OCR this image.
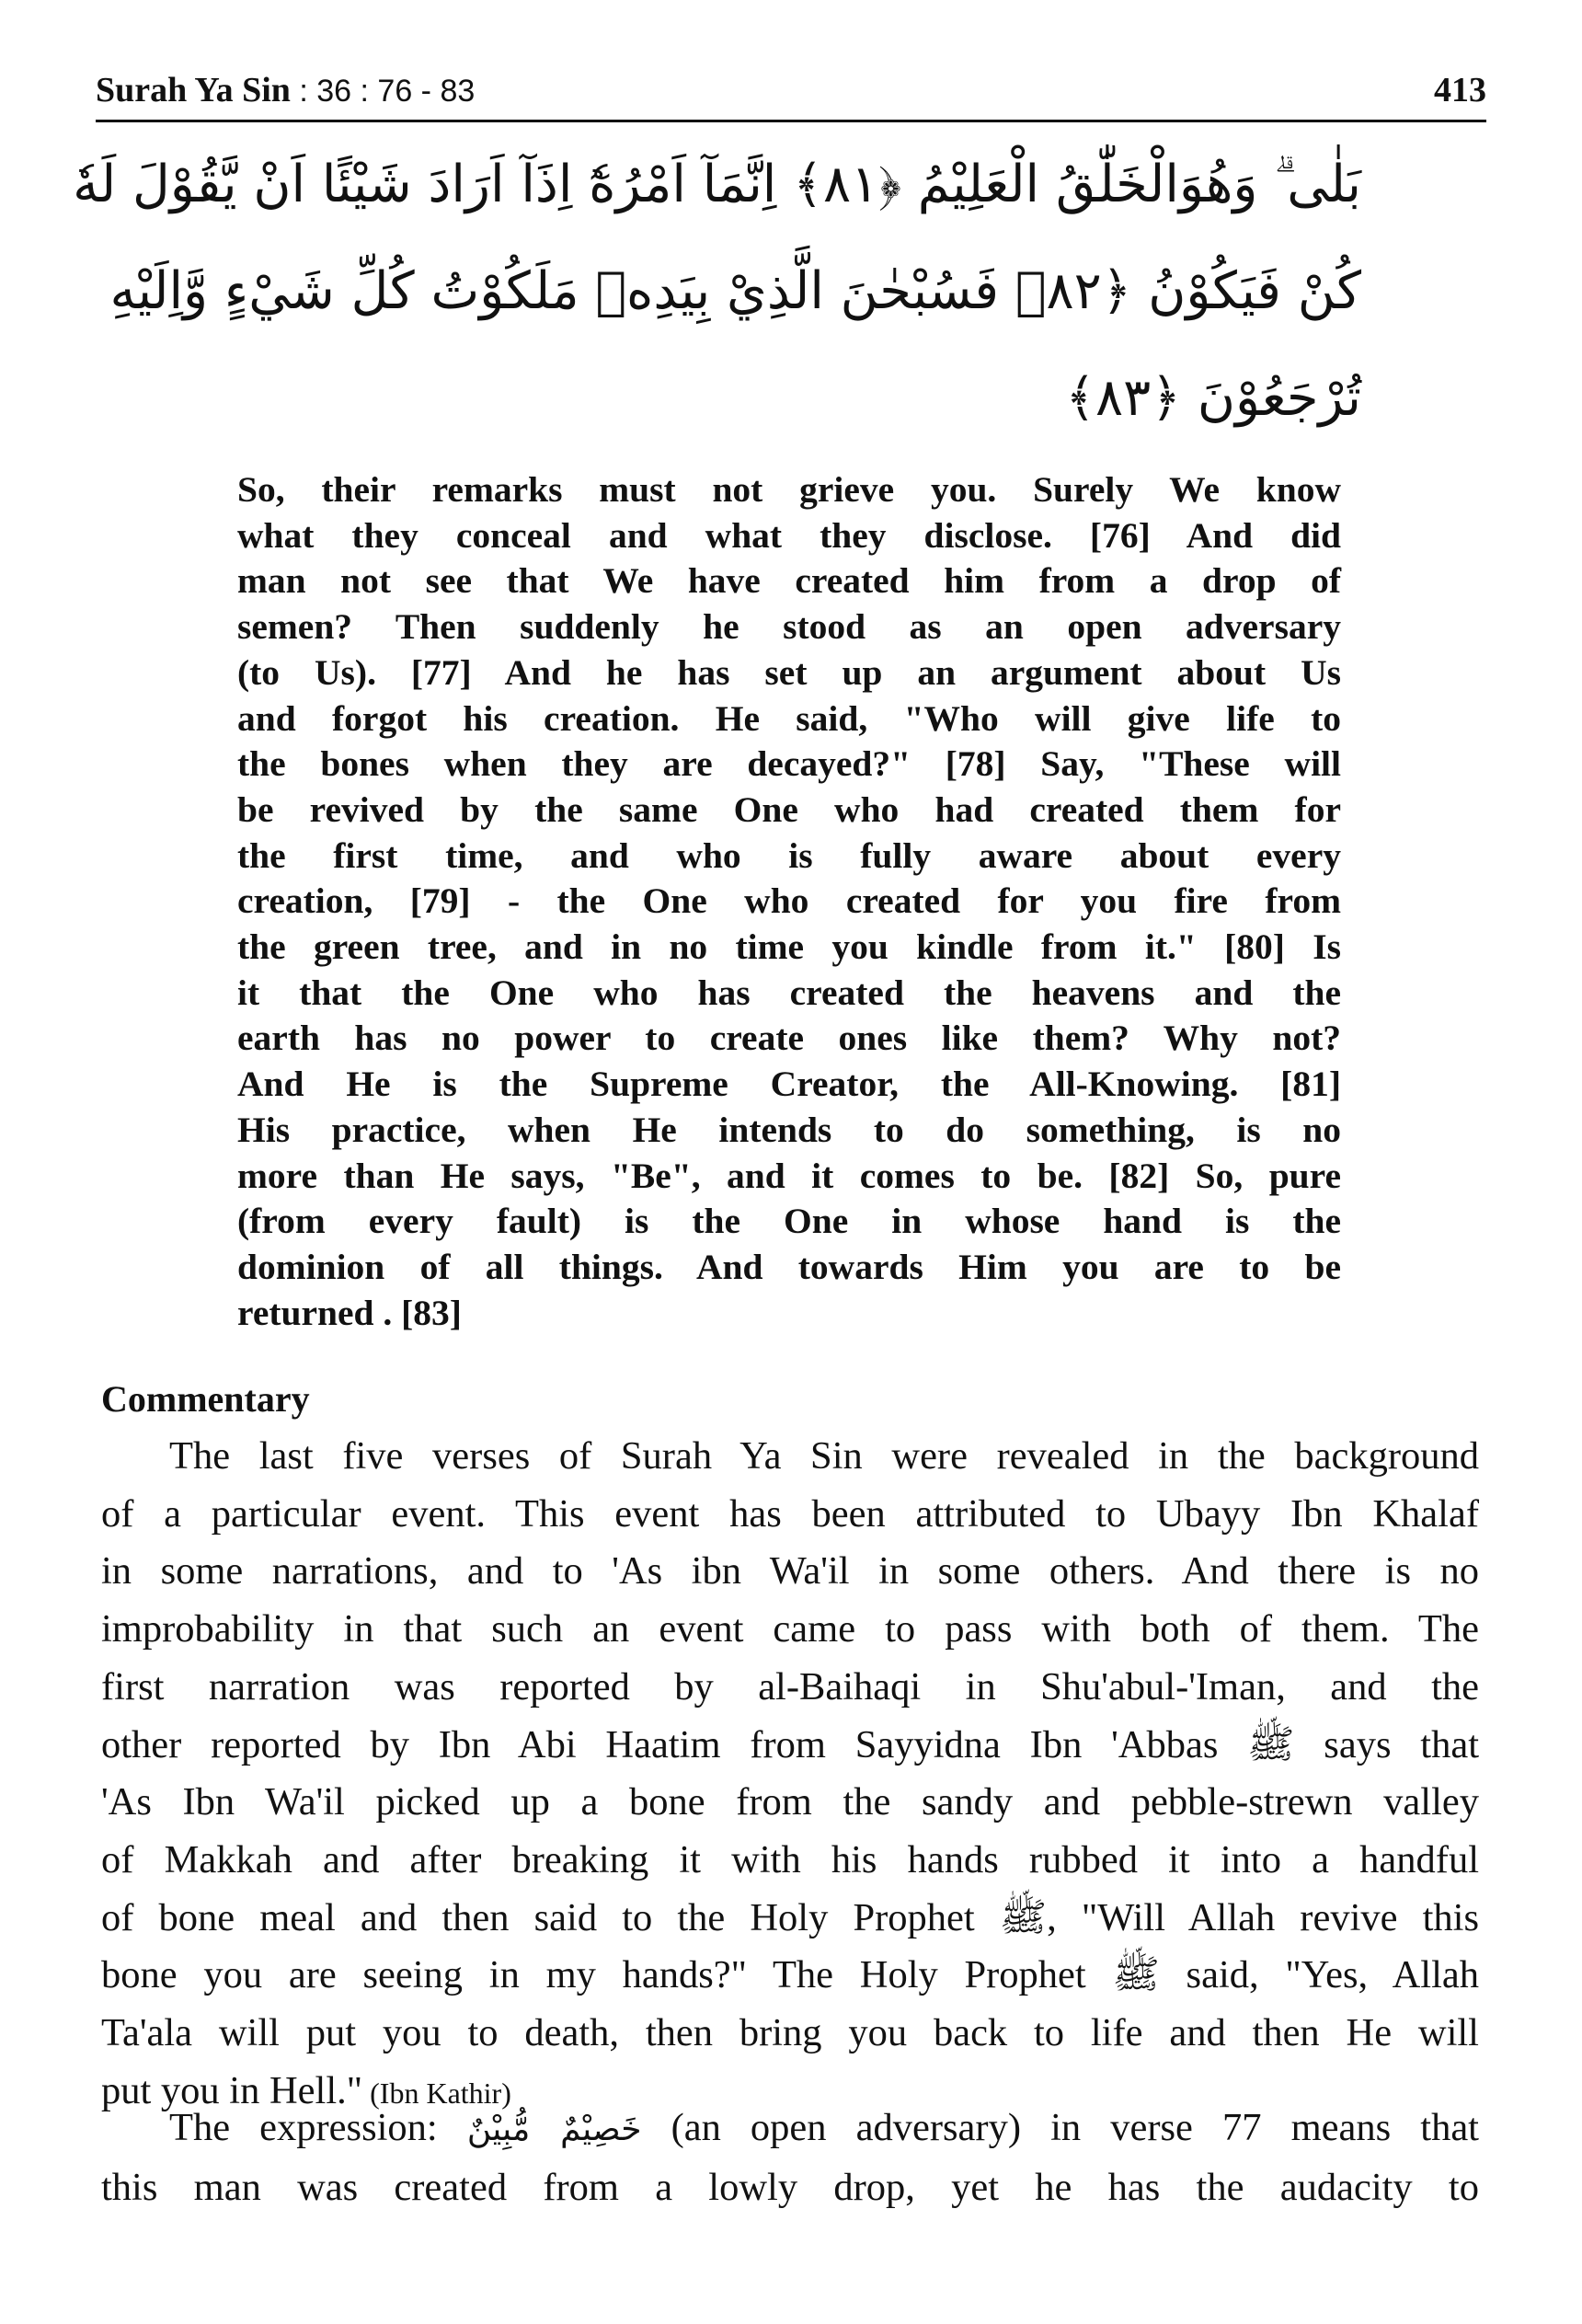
Surah Ya Sin : 36 : 76 - 83	413
بَلٰى ۗ وَهُوَالْخَلّٰقُ الْعَلِيْمُ ﴿٨١﴾ اِنَّمَآ اَمْرُهٗٓ اِذَآ اَرَادَ شَيْئًا اَنْ يَّقُوْلَ لَهٗ
كُنْ فَيَكُوْنُ ﴿٨٢﴾ فَسُبْحٰنَ الَّذِيْ بِيَدِهٖ مَلَكُوْتُ كُلِّ شَيْءٍ وَّاِلَيْهِ
تُرْجَعُوْنَ ﴿٨٣﴾
So, their remarks must not grieve you. Surely We know
what they conceal and what they disclose. [76] And did
man not see that We have created him from a drop of
semen? Then suddenly he stood as an open adversary
(to Us). [77] And he has set up an argument about Us
and forgot his creation. He said, "Who will give life to
the bones when they are decayed?" [78] Say, "These will
be revived by the same One who had created them for
the first time, and who is fully aware about every
creation, [79] - the One who created for you fire from
the green tree, and in no time you kindle from it." [80] Is
it that the One who has created the heavens and the
earth has no power to create ones like them? Why not?
And He is the Supreme Creator, the All-Knowing. [81]
His practice, when He intends to do something, is no
more than He says, "Be", and it comes to be. [82] So, pure
(from every fault) is the One in whose hand is the
dominion of all things. And towards Him you are to be
returned . [83]
Commentary
The last five verses of Surah Ya Sin were revealed in the background
of a particular event. This event has been attributed to Ubayy Ibn Khalaf
in some narrations, and to 'As ibn Wa'il in some others. And there is no
improbability in that such an event came to pass with both of them. The
first narration was reported by al-Baihaqi in Shu'abul-'Iman, and the
other reported by Ibn Abi Haatim from Sayyidna Ibn 'Abbas ﷺ says that
'As Ibn Wa'il picked up a bone from the sandy and pebble-strewn valley
of Makkah and after breaking it with his hands rubbed it into a handful
of bone meal and then said to the Holy Prophet ﷺ, "Will Allah revive this
bone you are seeing in my hands?" The Holy Prophet ﷺ said, "Yes, Allah
Ta'ala will put you to death, then bring you back to life and then He will
put you in Hell." (Ibn Kathir)
The expression: خَصِيْمٌ مُّبِيْنٌ (an open adversary) in verse 77 means that
this man was created from a lowly drop, yet he has the audacity to
